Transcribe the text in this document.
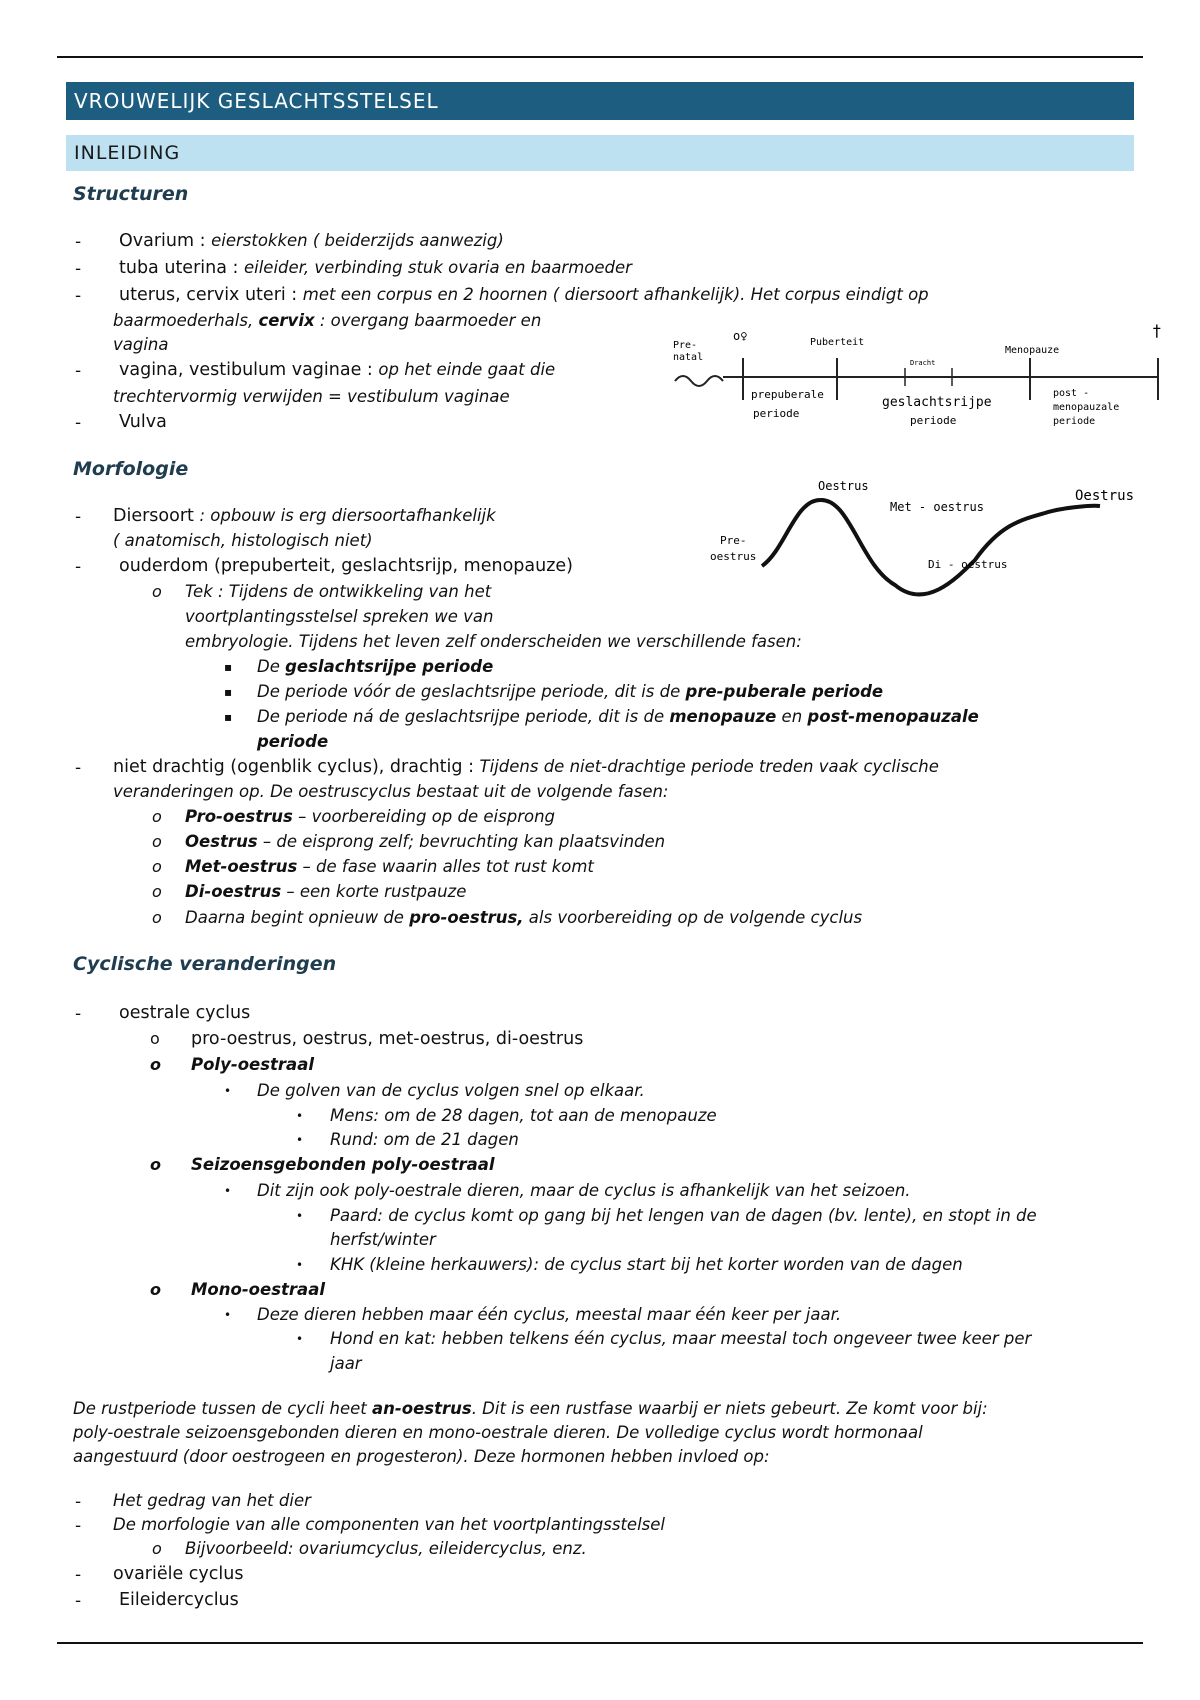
VROUWELIJK GESLACHTSSTELSEL
INLEIDING
Structuren
- Ovarium : eierstokken ( beiderzijds aanwezig)
- tuba uterina : eileider, verbinding stuk ovaria en baarmoeder
- uterus, cervix uteri : met een corpus en 2 hoornen ( diersoort afhankelijk). Het corpus eindigt op
baarmoederhals, cervix : overgang baarmoeder en
vagina
- vagina, vestibulum vaginae : op het einde gaat die
trechtervormig verwijden = vestibulum vaginae
- Vulva
Pre-
natal
o♀	Puberteit
Menopauze
Dracht
†
prepuberale
periode
geslachtsrijpe
periode
post -
menopauzale
periode
Morfologie
Oestrus
Oestrus
Met - oestrus
Pre-
oestrus
Di - oestrus
- Diersoort : opbouw is erg diersoortafhankelijk
( anatomisch, histologisch niet)
- ouderdom (prepuberteit, geslachtsrijp, menopauze)
o Tek : Tijdens de ontwikkeling van het
voortplantingsstelsel spreken we van
embryologie. Tijdens het leven zelf onderscheiden we verschillende fasen:
▪ De geslachtsrijpe periode
▪ De periode vóór de geslachtsrijpe periode, dit is de pre-puberale periode
▪ De periode ná de geslachtsrijpe periode, dit is de menopauze en post-menopauzale
periode
- niet drachtig (ogenblik cyclus), drachtig : Tijdens de niet-drachtige periode treden vaak cyclische
veranderingen op. De oestruscyclus bestaat uit de volgende fasen:
o Pro-oestrus – voorbereiding op de eisprong
o Oestrus – de eisprong zelf; bevruchting kan plaatsvinden
o Met-oestrus – de fase waarin alles tot rust komt
o Di-oestrus – een korte rustpauze
o Daarna begint opnieuw de pro-oestrus, als voorbereiding op de volgende cyclus
Cyclische veranderingen
- oestrale cyclus
o pro-oestrus, oestrus, met-oestrus, di-oestrus
o Poly-oestraal
• De golven van de cyclus volgen snel op elkaar.
• Mens: om de 28 dagen, tot aan de menopauze
• Rund: om de 21 dagen
o Seizoensgebonden poly-oestraal
• Dit zijn ook poly-oestrale dieren, maar de cyclus is afhankelijk van het seizoen.
• Paard: de cyclus komt op gang bij het lengen van de dagen (bv. lente), en stopt in de
herfst/winter
• KHK (kleine herkauwers): de cyclus start bij het korter worden van de dagen
o Mono-oestraal
• Deze dieren hebben maar één cyclus, meestal maar één keer per jaar.
• Hond en kat: hebben telkens één cyclus, maar meestal toch ongeveer twee keer per
jaar
De rustperiode tussen de cycli heet an-oestrus. Dit is een rustfase waarbij er niets gebeurt. Ze komt voor bij:
poly-oestrale seizoensgebonden dieren en mono-oestrale dieren. De volledige cyclus wordt hormonaal
aangestuurd (door oestrogeen en progesteron). Deze hormonen hebben invloed op:
- Het gedrag van het dier
- De morfologie van alle componenten van het voortplantingsstelsel
o Bijvoorbeeld: ovariumcyclus, eileidercyclus, enz.
- ovariële cyclus
- Eileidercyclus
